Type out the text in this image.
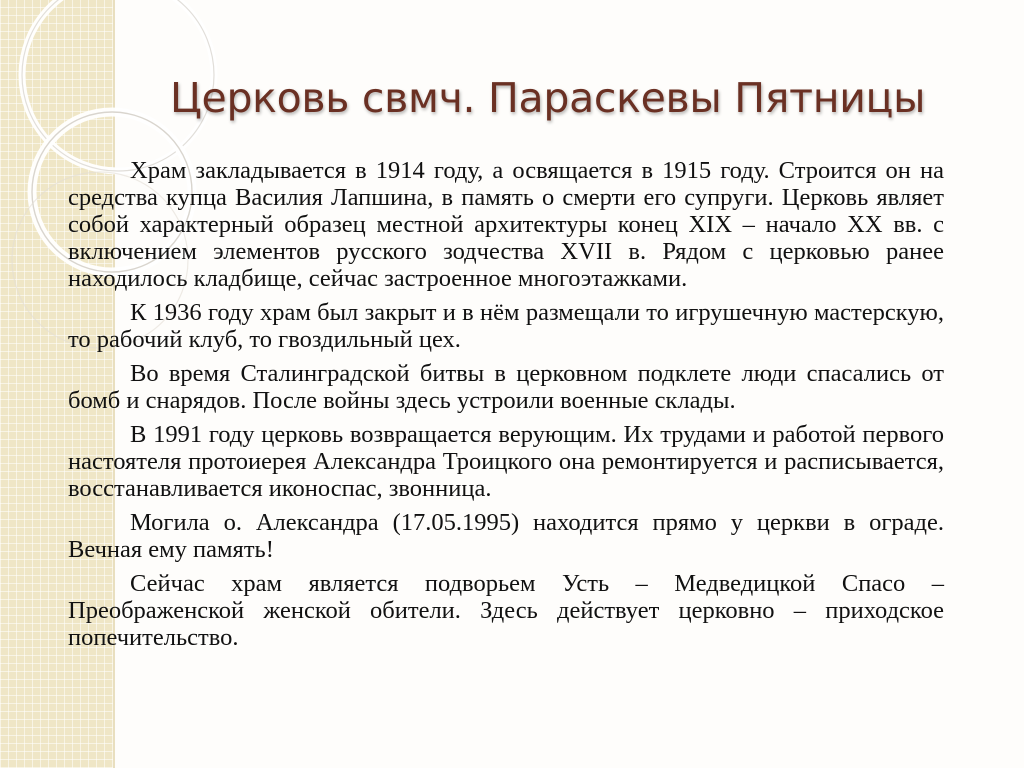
Церковь свмч. Параскевы Пятницы

Храм закладывается в 1914 году, а освящается в 1915 году. Строится он на средства купца Василия Лапшина, в память о смерти его супруги. Церковь являет собой характерный образец местной архитектуры конец XIX – начало XX вв. с включением элементов русского зодчества XVII в. Рядом с церковью ранее находилось кладбище, сейчас застроенное многоэтажками.

К 1936 году храм был закрыт и в нём размещали то игрушечную мастерскую, то рабочий клуб, то гвоздильный цех.

Во время Сталинградской битвы в церковном подклете люди спасались от бомб и снарядов. После войны здесь устроили военные склады.

В 1991 году церковь возвращается верующим. Их трудами и работой первого настоятеля протоиерея Александра Троицкого она ремонтируется и расписывается, восстанавливается иконоспас, звонница.

Могила о. Александра (17.05.1995) находится прямо у церкви в ограде. Вечная ему память!

Сейчас храм является подворьем Усть – Медведицкой Спасо – Преображенской женской обители. Здесь действует церковно – приходское попечительство.
